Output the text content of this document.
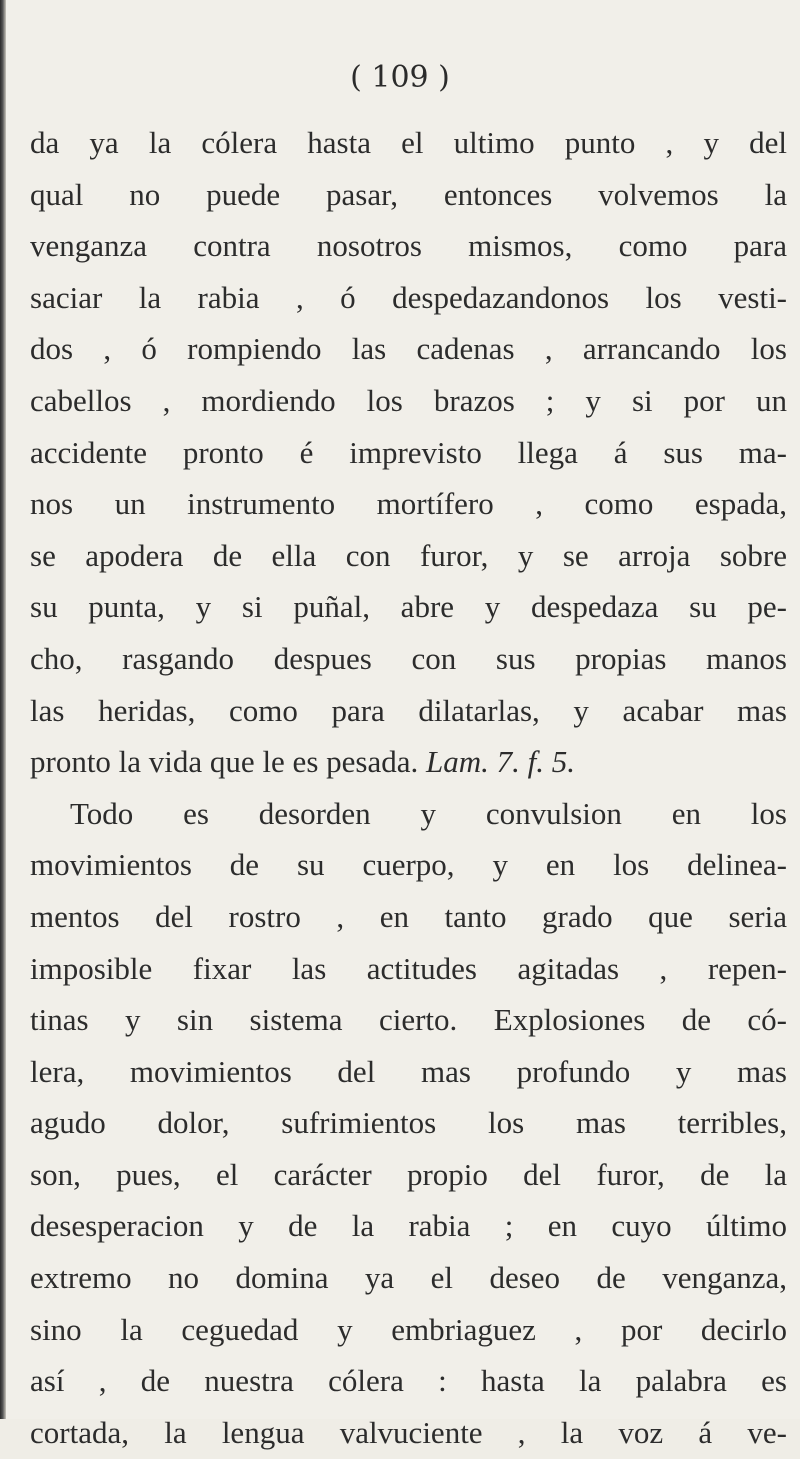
( 109 )
da ya la cólera hasta el ultimo punto , y del
qual no puede pasar, entonces volvemos la
venganza contra nosotros mismos, como para
saciar la rabia , ó despedazandonos los vesti-
dos , ó rompiendo las cadenas , arrancando los
cabellos , mordiendo los brazos ; y si por un
accidente pronto é imprevisto llega á sus ma-
nos un instrumento mortífero , como espada,
se apodera de ella con furor, y se arroja sobre
su punta, y si puñal, abre y despedaza su pe-
cho, rasgando despues con sus propias manos
las heridas, como para dilatarlas, y acabar mas
pronto la vida que le es pesada. Lam. 7. f. 5.
Todo es desorden y convulsion en los
movimientos de su cuerpo, y en los delinea-
mentos del rostro , en tanto grado que seria
imposible fixar las actitudes agitadas , repen-
tinas y sin sistema cierto. Explosiones de có-
lera, movimientos del mas profundo y mas
agudo dolor, sufrimientos los mas terribles,
son, pues, el carácter propio del furor, de la
desesperacion y de la rabia ; en cuyo último
extremo no domina ya el deseo de venganza,
sino la ceguedad y embriaguez , por decirlo
así , de nuestra cólera : hasta la palabra es
cortada, la lengua valvuciente , la voz á ve-
